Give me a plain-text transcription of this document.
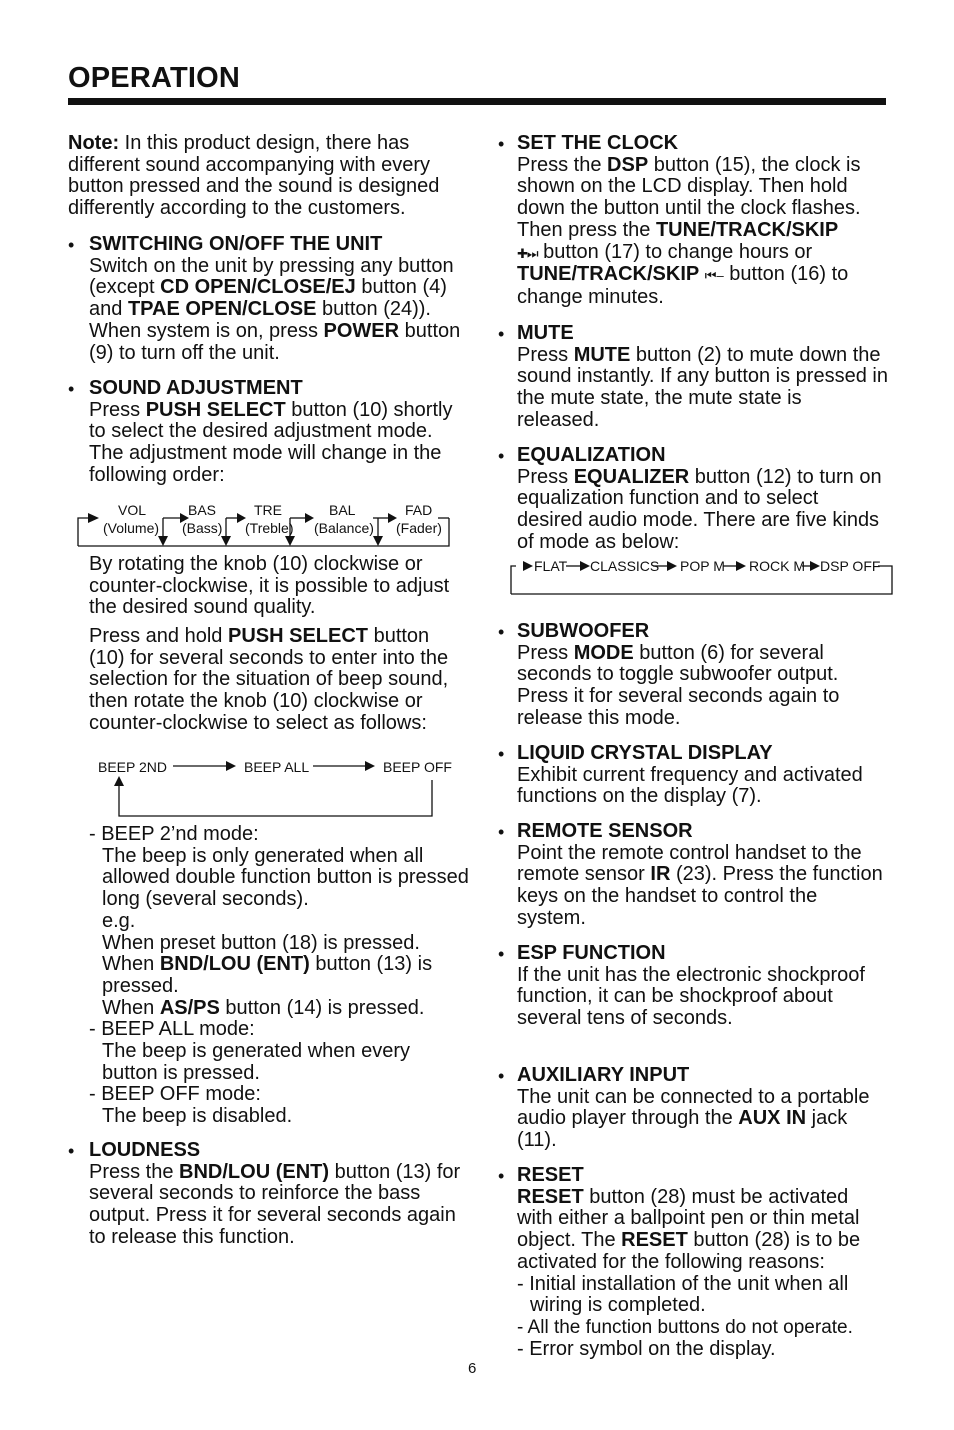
OPERATION
Note: In this product design, there has different sound accompanying with every button pressed and the sound is designed differently according to the customers.
• SWITCHING ON/OFF THE UNIT
Switch on the unit by pressing any button (except CD OPEN/CLOSE/EJ button (4) and TPAE OPEN/CLOSE button (24)). When system is on, press POWER button (9) to turn off the unit.
• SOUND ADJUSTMENT
Press PUSH SELECT button (10) shortly to select the desired adjustment mode. The adjustment mode will change in the following order:
VOL
(Volume)
BAS
(Bass)
TRE
(Treble)
BAL
(Balance)
FAD
(Fader)

By rotating the knob (10) clockwise or counter-clockwise, it is possible to adjust the desired sound quality.

Press and hold PUSH SELECT button (10) for several seconds to enter into the selection for the situation of beep sound, then rotate the knob (10) clockwise or counter-clockwise to select as follows:
BEEP 2ND	BEEP ALL	BEEP OFF

- BEEP 2’nd mode:

The beep is only generated when all allowed double function button is pressed long (several seconds).

e.g.

When preset button (18) is pressed.

When BND/LOU (ENT) button (13) is pressed.

When AS/PS button (14) is pressed.

- BEEP ALL mode:

The beep is generated when every button is pressed.

- BEEP OFF mode:

The beep is disabled.

• LOUDNESS
Press the BND/LOU (ENT) button (13) for several seconds to reinforce the bass output. Press it for several seconds again to release this function.
• SET THE CLOCK
Press the DSP button (15), the clock is shown on the LCD display. Then hold down the button until the clock flashes.
Then press the TUNE/TRACK/SKIP
✚⏭ button (17) to change hours or TUNE/TRACK/SKIP ⏮– button (16) to change minutes.
• MUTE
Press MUTE button (2) to mute down the sound instantly. If any button is pressed in the mute state, the mute state is released.
• EQUALIZATION
Press EQUALIZER button (12) to turn on equalization function and to select desired audio mode. There are five kinds of mode as below:
FLAT CLASSICS POP M ROCK M DSP OFF
• SUBWOOFER
Press MODE button (6) for several seconds to toggle subwoofer output. Press it for several seconds again to release this mode.
• LIQUID CRYSTAL DISPLAY
Exhibit current frequency and activated functions on the display (7).
• REMOTE SENSOR
Point the remote control handset to the remote sensor IR (23). Press the function keys on the handset to control the system.
• ESP FUNCTION
If the unit has the electronic shockproof function, it can be shockproof about several tens of seconds.
• AUXILIARY INPUT
The unit can be connected to a portable audio player through the AUX IN jack (11).
• RESET
RESET button (28) must be activated with either a ballpoint pen or thin metal object. The RESET button (28) is to be activated for the following reasons:

- Initial installation of the unit when all wiring is completed.

- All the function buttons do not operate.

- Error symbol on the display.

6
